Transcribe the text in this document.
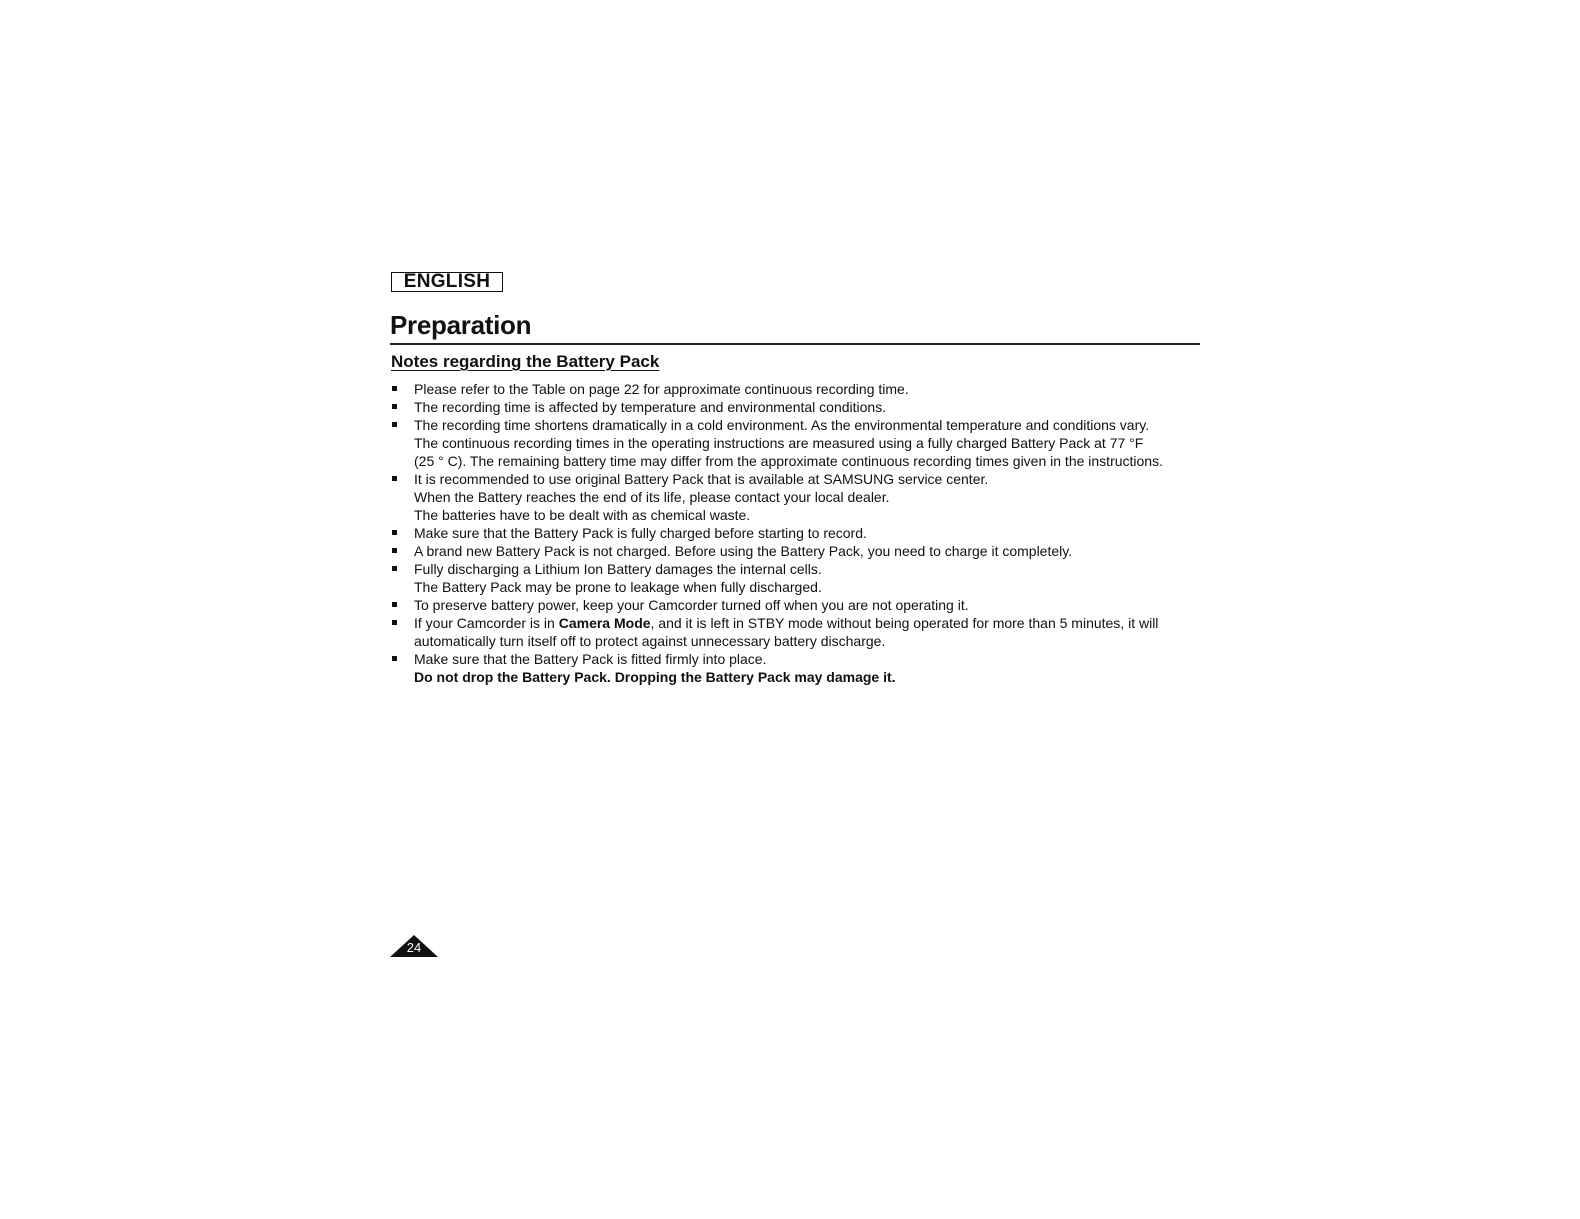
ENGLISH
Preparation
Notes regarding the Battery Pack
Please refer to the Table on page 22 for approximate continuous recording time.
The recording time is affected by temperature and environmental conditions.
The recording time shortens dramatically in a cold environment. As the environmental temperature and conditions vary.
The continuous recording times in the operating instructions are measured using a fully charged Battery Pack at 77 °F
(25 ° C). The remaining battery time may differ from the approximate continuous recording times given in the instructions.
It is recommended to use original Battery Pack that is available at SAMSUNG service center.
When the Battery reaches the end of its life, please contact your local dealer.
The batteries have to be dealt with as chemical waste.
Make sure that the Battery Pack is fully charged before starting to record.
A brand new Battery Pack is not charged. Before using the Battery Pack, you need to charge it completely.
Fully discharging a Lithium Ion Battery damages the internal cells.
The Battery Pack may be prone to leakage when fully discharged.
To preserve battery power, keep your Camcorder turned off when you are not operating it.
If your Camcorder is in Camera Mode, and it is left in STBY mode without being operated for more than 5 minutes, it will
automatically turn itself off to protect against unnecessary battery discharge.
Make sure that the Battery Pack is fitted firmly into place.
Do not drop the Battery Pack. Dropping the Battery Pack may damage it.
24
